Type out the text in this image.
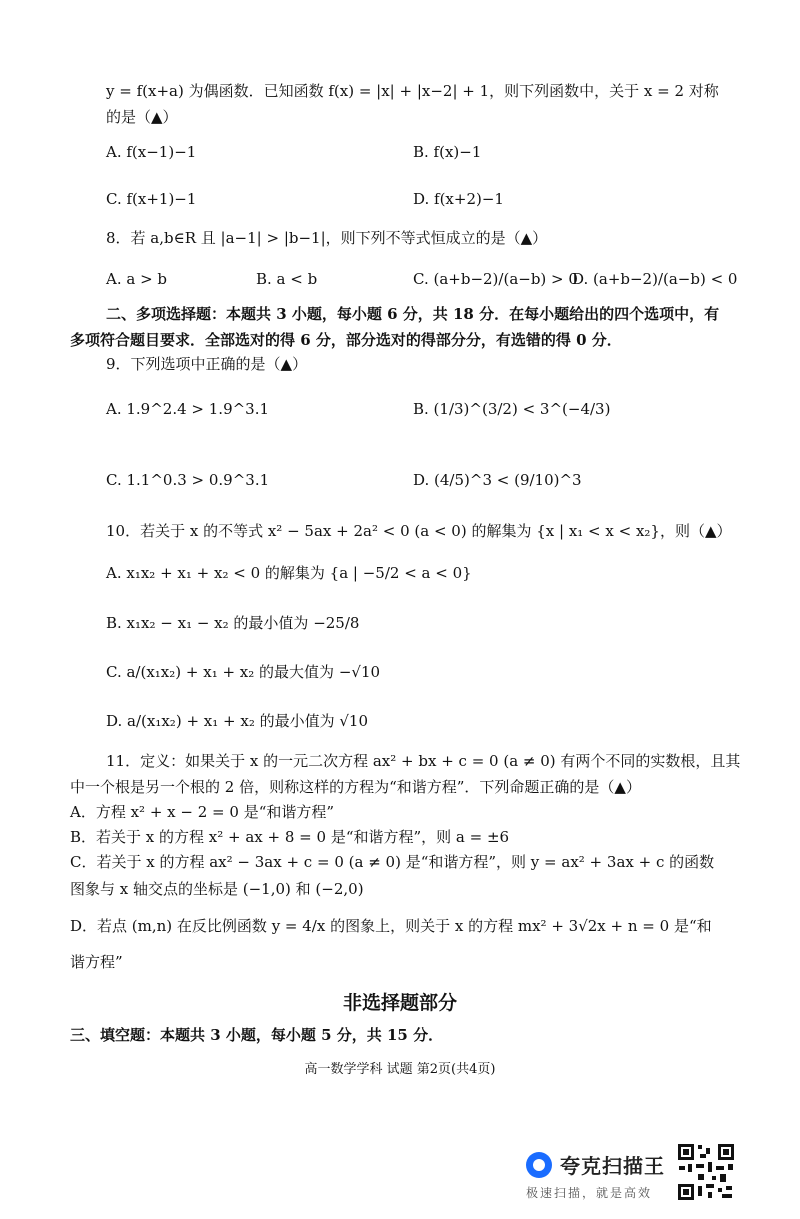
y = f(x+a) 为偶函数．已知函数 f(x) = |x| + |x−2| + 1，则下列函数中，关于 x = 2 对称
的是（▲）
A. f(x−1)−1	B. f(x)−1
C. f(x+1)−1	D. f(x+2)−1
8．若 a,b∈R 且 |a−1| > |b−1|，则下列不等式恒成立的是（▲）
A. a > b	B. a < b	C. (a+b−2)/(a−b) > 0
D. (a+b−2)/(a−b) < 0
二、多项选择题：本题共 3 小题，每小题 6 分，共 18 分．在每小题给出的四个选项中，有
多项符合题目要求．全部选对的得 6 分，部分选对的得部分分，有选错的得 0 分．
9．下列选项中正确的是（▲）
A. 1.9^2.4 > 1.9^3.1	B. (1/3)^(3/2) < 3^(−4/3)
C. 1.1^0.3 > 0.9^3.1	D. (4/5)^3 < (9/10)^3
10．若关于 x 的不等式 x² − 5ax + 2a² < 0 (a < 0) 的解集为 {x | x₁ < x < x₂}，则（▲）
A. x₁x₂ + x₁ + x₂ < 0 的解集为 {a | −5/2 < a < 0}
B. x₁x₂ − x₁ − x₂ 的最小值为 −25/8
C. a/(x₁x₂) + x₁ + x₂ 的最大值为 −√10
D. a/(x₁x₂) + x₁ + x₂ 的最小值为 √10
11．定义：如果关于 x 的一元二次方程 ax² + bx + c = 0 (a ≠ 0) 有两个不同的实数根，且其
中一个根是另一个根的 2 倍，则称这样的方程为“和谐方程”．下列命题正确的是（▲）
A．方程 x² + x − 2 = 0 是“和谐方程”
B．若关于 x 的方程 x² + ax + 8 = 0 是“和谐方程”，则 a = ±6
C．若关于 x 的方程 ax² − 3ax + c = 0 (a ≠ 0) 是“和谐方程”，则 y = ax² + 3ax + c 的函数
图象与 x 轴交点的坐标是 (−1,0) 和 (−2,0)
D．若点 (m,n) 在反比例函数 y = 4/x 的图象上，则关于 x 的方程 mx² + 3√2x + n = 0 是“和
谐方程”
非选择题部分
三、填空题：本题共 3 小题，每小题 5 分，共 15 分．
高一数学学科 试题 第2页(共4页)
夸克扫描王
极速扫描，就是高效
